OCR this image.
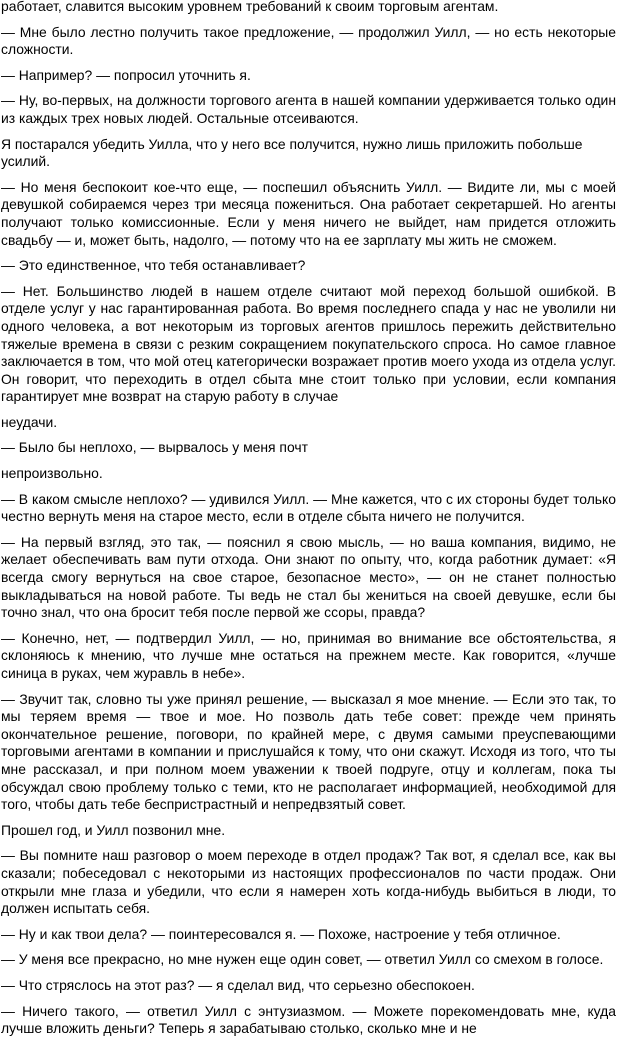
работает, славится высоким уровнем требований к своим торговым агентам.

— Мне было лестно получить такое предложение, — продолжил Уилл, — но есть некоторые сложности.

— Например? — попросил уточнить я.

— Ну, во-первых, на должности торгового агента в нашей компании удерживается только один из каждых трех новых людей. Остальные отсеиваются.

Я постарался убедить Уилла, что у него все получится, нужно лишь приложить побольше усилий.

— Но меня беспокоит кое-что еще, — поспешил объяснить Уилл. — Видите ли, мы с моей девушкой собираемся через три месяца пожениться. Она работает секретаршей. Но агенты получают только комиссионные. Если у меня ничего не выйдет, нам придется отложить свадьбу — и, может быть, надолго, — потому что на ее зарплату мы жить не сможем.

— Это единственное, что тебя останавливает?

— Нет. Большинство людей в нашем отделе считают мой переход большой ошибкой. В отделе услуг у нас гарантированная работа. Во время последнего спада у нас не уволили ни одного человека, а вот некоторым из торговых агентов пришлось пережить действительно тяжелые времена в связи с резким сокращением покупательского спроса. Но самое главное заключается в том, что мой отец категорически возражает против моего ухода из отдела услуг. Он говорит, что переходить в отдел сбыта мне стоит только при условии, если компания гарантирует мне возврат на старую работу в случае

неудачи.

— Было бы неплохо, — вырвалось у меня почт

непроизвольно.

— В каком смысле неплохо? — удивился Уилл. — Мне кажется, что с их стороны будет только честно вернуть меня на старое место, если в отделе сбыта ничего не получится.

— На первый взгляд, это так, — пояснил я свою мысль, — но ваша компания, видимо, не желает обеспечивать вам пути отхода. Они знают по опыту, что, когда работник думает: «Я всегда смогу вернуться на свое старое, безопасное место», — он не станет полностью выкладываться на новой работе. Ты ведь не стал бы жениться на своей девушке, если бы точно знал, что она бросит тебя после первой же ссоры, правда?

— Конечно, нет, — подтвердил Уилл, — но, принимая во внимание все обстоятельства, я склоняюсь к мнению, что лучше мне остаться на прежнем месте. Как говорится, «лучше синица в руках, чем журавль в небе».

— Звучит так, словно ты уже принял решение, — высказал я мое мнение. — Если это так, то мы теряем время — твое и мое. Но позволь дать тебе совет: прежде чем принять окончательное решение, поговори, по крайней мере, с двумя самыми преуспевающими торговыми агентами в компании и прислушайся к тому, что они скажут. Исходя из того, что ты мне рассказал, и при полном моем уважении к твоей подруге, отцу и коллегам, пока ты обсуждал свою проблему только с теми, кто не располагает информацией, необходимой для того, чтобы дать тебе беспристрастный и непредвзятый совет.

Прошел год, и Уилл позвонил мне.

— Вы помните наш разговор о моем переходе в отдел продаж? Так вот, я сделал все, как вы сказали; побеседовал с некоторыми из настоящих профессионалов по части продаж. Они открыли мне глаза и убедили, что если я намерен хоть когда-нибудь выбиться в люди, то должен испытать себя.

— Ну и как твои дела? — поинтересовался я. — Похоже, настроение у тебя отличное.

— У меня все прекрасно, но мне нужен еще один совет, — ответил Уилл со смехом в голосе.

— Что стряслось на этот раз? — я сделал вид, что серьезно обеспокоен.

— Ничего такого, — ответил Уилл с энтузиазмом. — Можете порекомендовать мне, куда лучше вложить деньги? Теперь я зарабатываю столько, сколько мне и не
